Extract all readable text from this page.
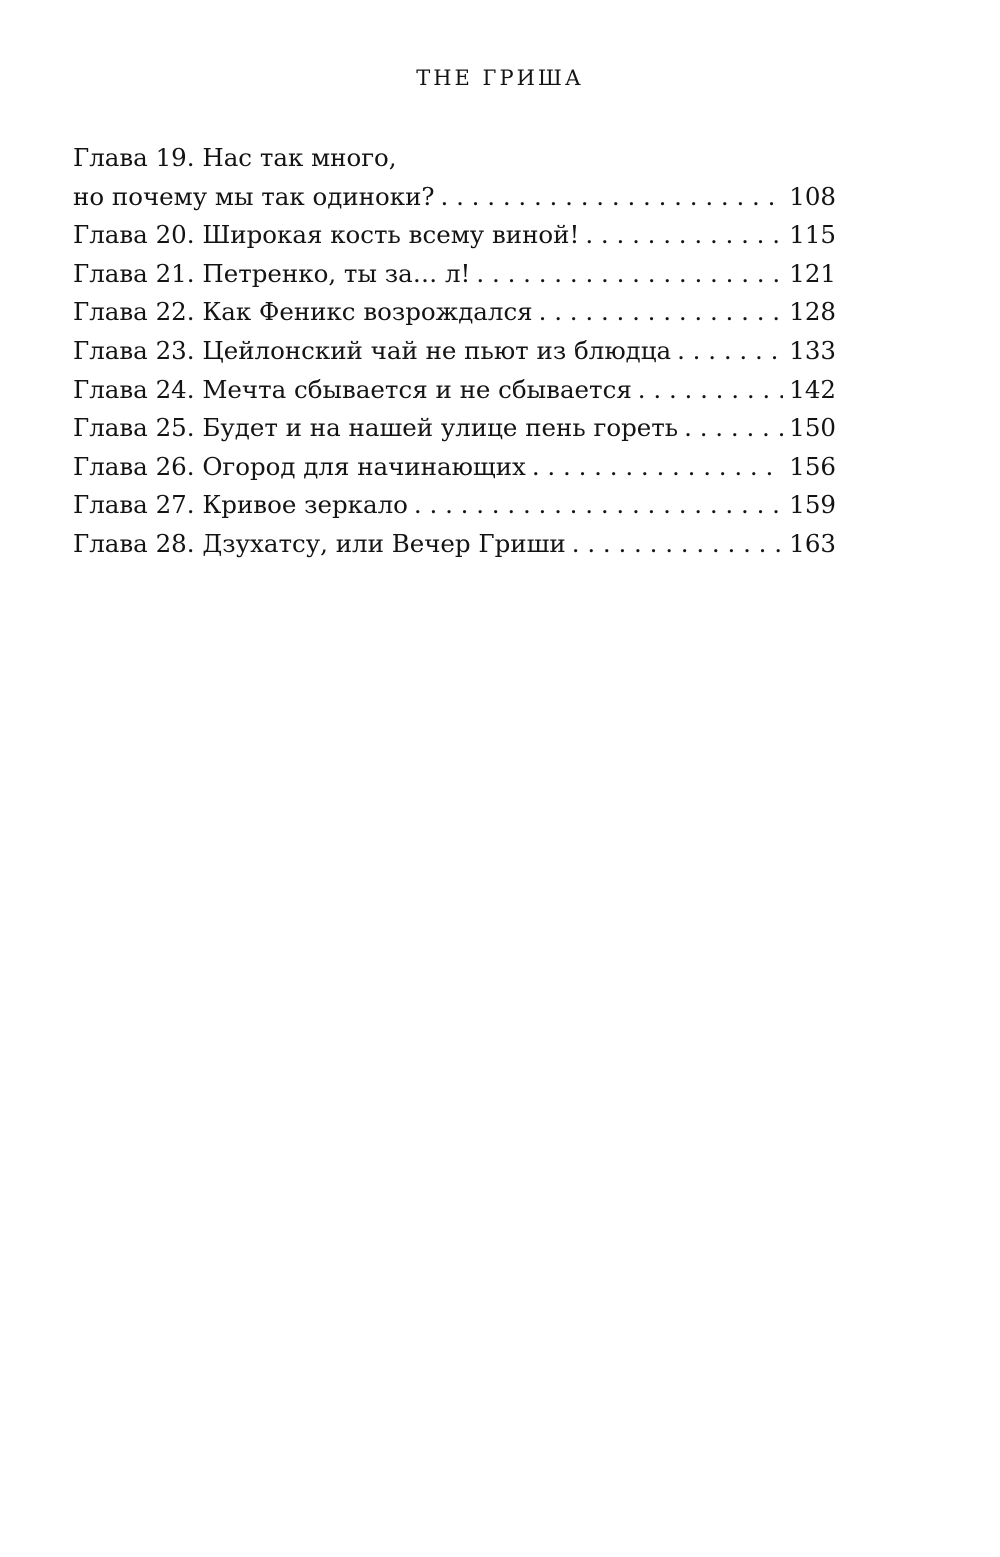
ТНЕ ГРИША
Глава 19. Нас так много,
но почему мы так одиноки? . . .	108
Глава 20. Широкая кость всему виной! . . .	115
Глава 21. Петренко, ты за… л! . . .	121
Глава 22. Как Феникс возрождался . . .	128
Глава 23. Цейлонский чай не пьют из блюдца . . .	133
Глава 24. Мечта сбывается и не сбывается . . .	142
Глава 25. Будет и на нашей улице пень гореть . . .	150
Глава 26. Огород для начинающих . . .	156
Глава 27. Кривое зеркало . . .	159
Глава 28. Дзухатсу, или Вечер Гриши . . .	163
